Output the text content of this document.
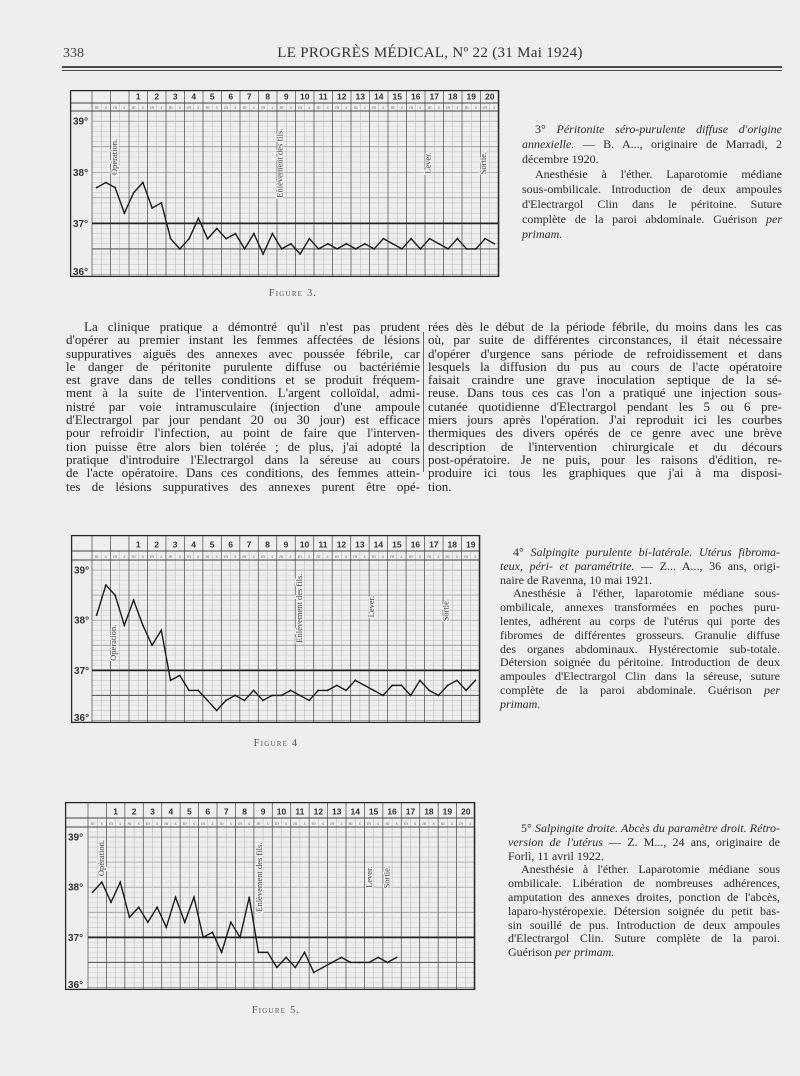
338	LE PROGRÈS MÉDICAL, Nº 22 (31 Mai 1924)
1 2 3 4 5 6 7 8 9 10 11 12 13 14 15 16 17 18 19 20
m s m s m s m s m s m s m s m s m s m s m s m s m s m s m s m s m s m s m s m s m s m s
39°
38°
37°
36°
Opération.	Enlèvement des fils.	Lever.	Sortie.
3° Péritonite séro-purulente diffuse d'origine
annexielle. — B. A..., originaire de Marradi, 2
décembre 1920.
Anesthésie à l'éther. Laparotomie médiane
sous-ombilicale. Introduction de deux ampoules
d'Electrargol Clin dans le péritoine. Suture
complète de la paroi abdominale. Guérison per
primam.
Figure 3.
La clinique pratique a démontré qu'il n'est pas prudent
d'opérer au premier instant les femmes affectées de lésions
suppuratives aiguës des annexes avec poussée fébrile, car
le danger de péritonite purulente diffuse ou bactériémie
est grave dans de telles conditions et se produit fréquem-
ment à la suite de l'intervention. L'argent colloïdal, admi-
nistré par voie intramusculaire (injection d'une ampoule
d'Electrargol par jour pendant 20 ou 30 jour) est efficace
pour refroidir l'infection, au point de faire que l'interven-
tion puisse être alors bien tolérée ; de plus, j'ai adopté la
pratique d'introduire l'Electrargol dans la séreuse au cours
de l'acte opératoire. Dans ces conditions, des femmes attein-
tes de lésions suppuratives des annexes purent être opé-
rées dès le début de la période fébrile, du moins dans les cas
où, par suite de différentes circonstances, il était nécessaire
d'opérer d'urgence sans période de refroidissement et dans
lesquels la diffusion du pus au cours de l'acte opératoire
faisait craindre une grave inoculation septique de la sé-
reuse. Dans tous ces cas l'on a pratiqué une injection sous-
cutanée quotidienne d'Electrargol pendant les 5 ou 6 pre-
miers jours après l'opération. J'ai reproduit ici les courbes
thermiques des divers opérés de ce genre avec une brève
description de l'intervention chirurgicale et du décours
post-opératoire. Je ne puis, pour les raisons d'édition, re-
produire ici tous les graphiques que j'ai à ma disposi-
tion.
1 2 3 4 5 6 7 8 9 10 11 12 13 14 15 16 17 18 19
m s m s m s m s m s m s m s m s m s m s m s m s m s m s m s m s m s m s m s m s m s
39°
38°
37°
36°
Opération.
Enlèvement des fils.	Lever.	Sortie.
4° Salpingite purulente bi-latérale. Utérus fibroma-
teux, péri- et paramétrite. — Z... A..., 36 ans, origi-
naire de Ravenna, 10 mai 1921.
Anesthésie à l'éther, laparotomie médiane sous-
ombilicale, annexes transformées en poches puru-
lentes, adhérent au corps de l'utérus qui porte des
fibromes de différentes grosseurs. Granulie diffuse
des organes abdominaux. Hystérectomie sub-totale.
Détersion soignée du péritoine. Introduction de deux
ampoules d'Electrargol Clin dans la séreuse, suture
complète de la paroi abdominale. Guérison per
primam.
Figure 4
1 2 3 4 5 6 7 8 9 10 11 12 13 14 15 16 17 18 19 20
m s m s m s m s m s m s m s m s m s m s m s m s m s m s m s m s m s m s m s m s m s
39°
38°
37°
36°
Opération.	Enlèvement des fils.	Lever. Sortie.
5° Salpingite droite. Abcès du paramètre droit. Rétro-
version de l'utérus — Z. M..., 24 ans, originaire de
Forlì, 11 avril 1922.
Anesthésie à l'éther. Laparotomie médiane sous
ombilicale. Libération de nombreuses adhérences,
amputation des annexes droites, ponction de l'abcès,
laparo-hystéropexie. Détersion soignée du petit bas-
sin souillé de pus. Introduction de deux ampoules
d'Electrargol Clin. Suture complète de la paroi.
Guérison per primam.
Figure 5.
